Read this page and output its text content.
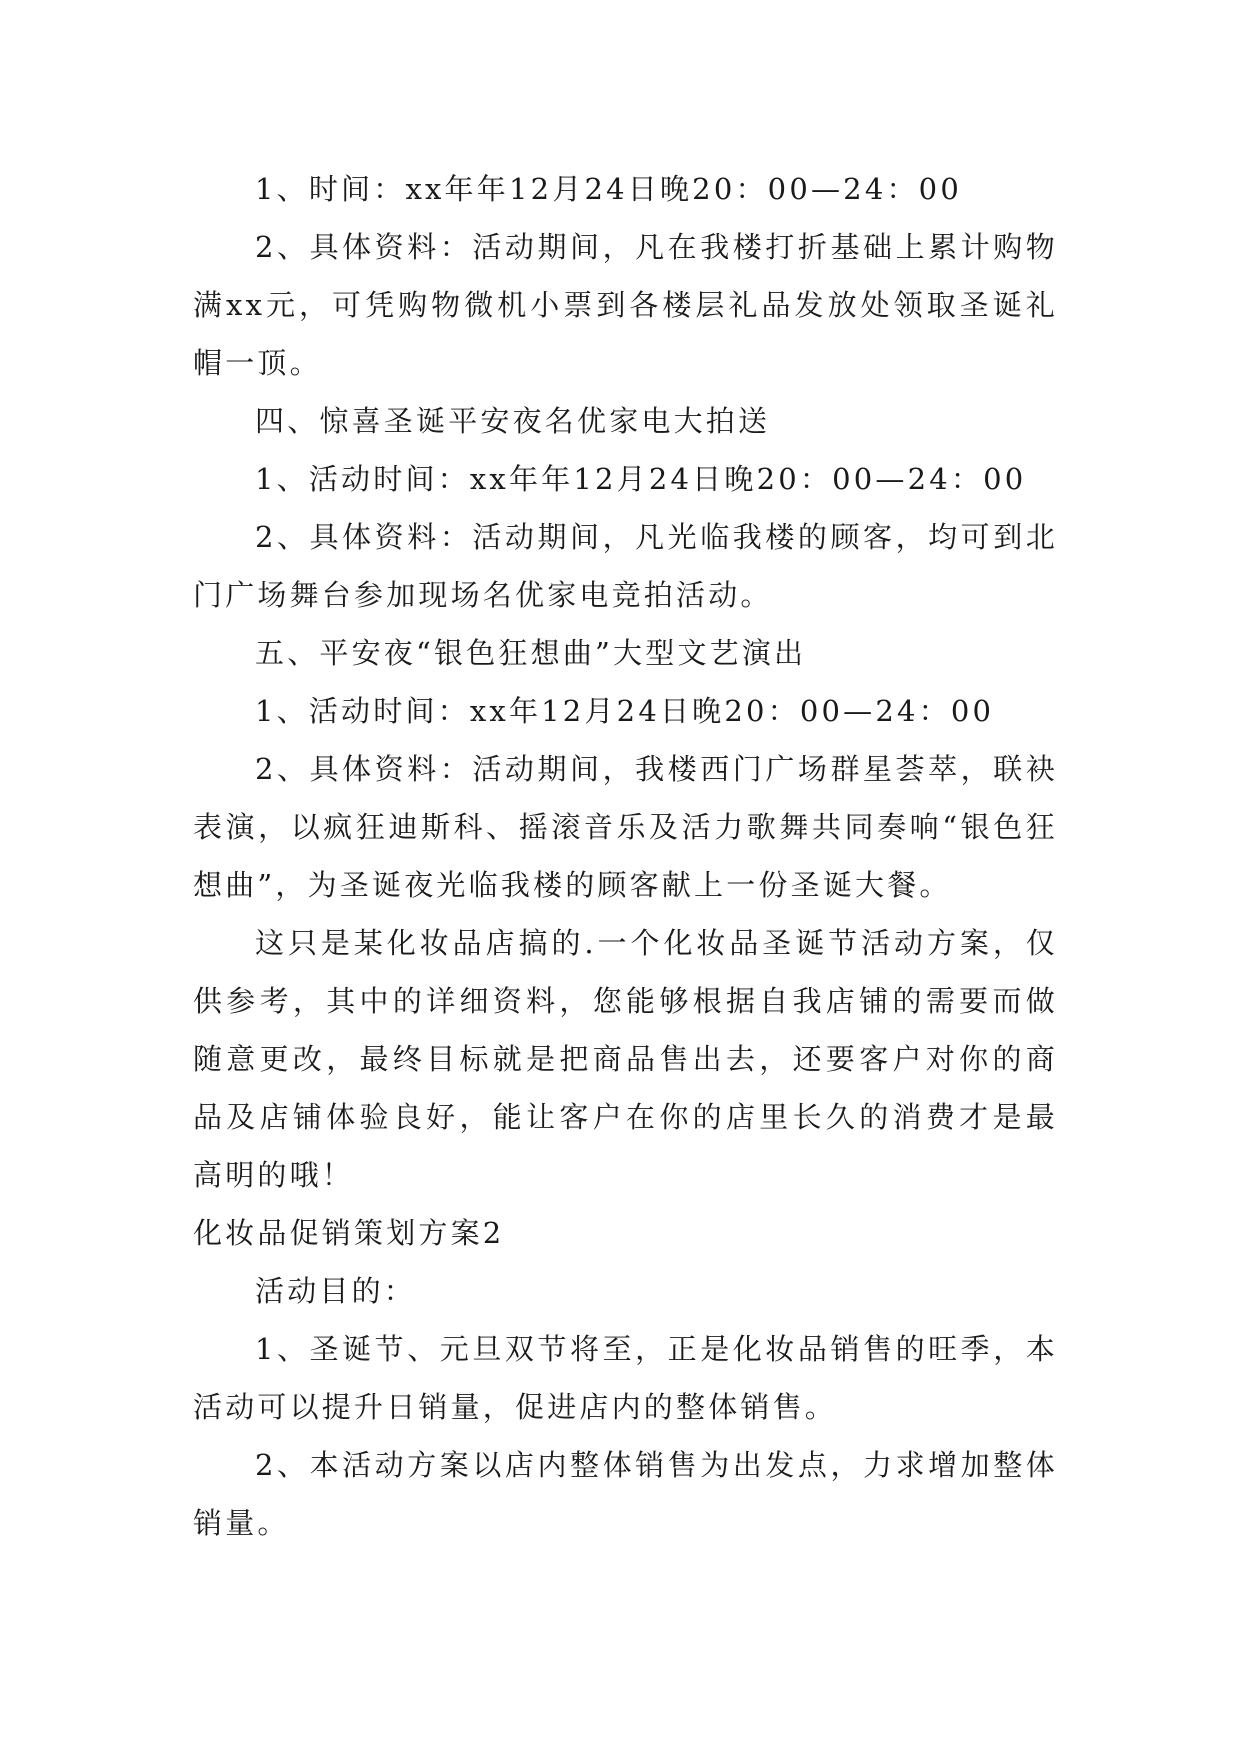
1、时间：xx年年12月24日晚20：00—24：00

2、具体资料：活动期间，凡在我楼打折基础上累计购物满xx元，可凭购物微机小票到各楼层礼品发放处领取圣诞礼帽一顶。

四、惊喜圣诞平安夜名优家电大拍送

1、活动时间：xx年年12月24日晚20：00—24：00

2、具体资料：活动期间，凡光临我楼的顾客，均可到北门广场舞台参加现场名优家电竞拍活动。

五、平安夜“银色狂想曲”大型文艺演出

1、活动时间：xx年12月24日晚20：00—24：00

2、具体资料：活动期间，我楼西门广场群星荟萃，联袂表演，以疯狂迪斯科、摇滚音乐及活力歌舞共同奏响“银色狂想曲”，为圣诞夜光临我楼的顾客献上一份圣诞大餐。

这只是某化妆品店搞的.一个化妆品圣诞节活动方案，仅供参考，其中的详细资料，您能够根据自我店铺的需要而做随意更改，最终目标就是把商品售出去，还要客户对你的商品及店铺体验良好，能让客户在你的店里长久的消费才是最高明的哦！

化妆品促销策划方案2

活动目的：

1、圣诞节、元旦双节将至，正是化妆品销售的旺季，本活动可以提升日销量，促进店内的整体销售。

2、本活动方案以店内整体销售为出发点，力求增加整体销量。
